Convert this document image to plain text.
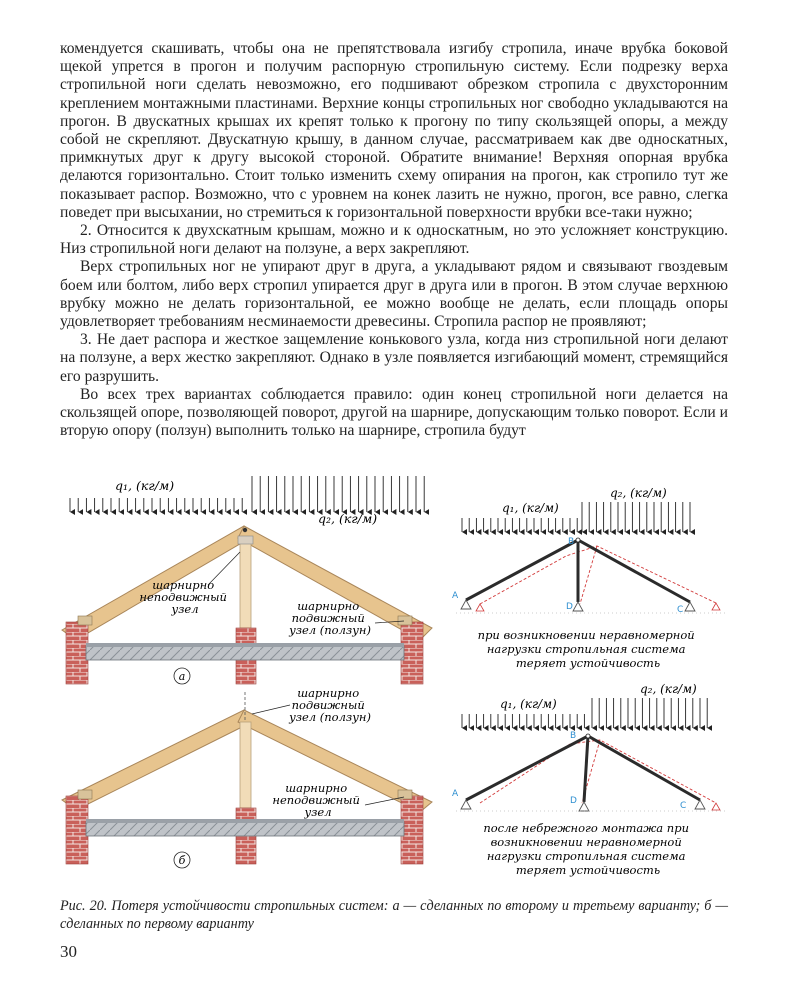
комендуется скашивать, чтобы она не препятствовала изгибу стропила, иначе врубка боковой щекой упрется в прогон и получим распорную стропильную систему. Если подрезку верха стропильной ноги сделать невозможно, его подшивают обрезком стропила с двухсторонним креплением монтажными пластинами. Верхние концы стропильных ног свободно укладываются на прогон. В двускатных крышах их крепят только к прогону по типу скользящей опоры, а между собой не скрепляют. Двускатную крышу, в данном случае, рассматриваем как две односкатных, примкнутых друг к другу высокой стороной. Обратите внимание! Верхняя опорная врубка делаются горизонтально. Стоит только изменить схему опирания на прогон, как стропило тут же показывает распор. Возможно, что с уровнем на конек лазить не нужно, прогон, все равно, слегка поведет при высыхании, но стремиться к горизонтальной поверхности врубки все-таки нужно;

2. Относится к двухскатным крышам, можно и к односкатным, но это усложняет конструкцию. Низ стропильной ноги делают на ползуне, а верх закрепляют.

Верх стропильных ног не упирают друг в друга, а укладывают рядом и связывают гвоздевым боем или болтом, либо верх стропил упирается друг в друга или в прогон. В этом случае верхнюю врубку можно не делать горизонтальной, ее можно вообще не делать, если площадь опоры удовлетворяет требованиям несминаемости древесины. Стропила распор не проявляют;

3. Не дает распора и жесткое защемление конькового узла, когда низ стропильной ноги делают на ползуне, а верх жестко закрепляют. Однако в узле появляется изгибающий момент, стремящийся его разрушить.

Во всех трех вариантах соблюдается правило: один конец стропильной ноги делается на скользящей опоре, позволяющей поворот, другой на шарнире, допускающим только поворот. Если и вторую опору (ползун) выполнить только на шарнире, стропила будут

q₁, (кг/м)
q₂, (кг/м)
шарнирно неподвижный узел	шарнирно подвижный узел (ползун)
а
шарнирно подвижный узел (ползун)
шарнирно неподвижный узел
б
q₁, (кг/м)
q₂, (кг/м)
A
B
C
D
при возникновении неравномерной нагрузки стропильная система теряет устойчивость
q₁, (кг/м)
q₂, (кг/м)
A
B
C
D
после небрежного монтажа при возникновении неравномерной нагрузки стропильная система теряет устойчивость
Рис. 20. Потеря устойчивости стропильных систем: а — сделанных по второму и третьему варианту; б — сделанных по первому варианту
30
